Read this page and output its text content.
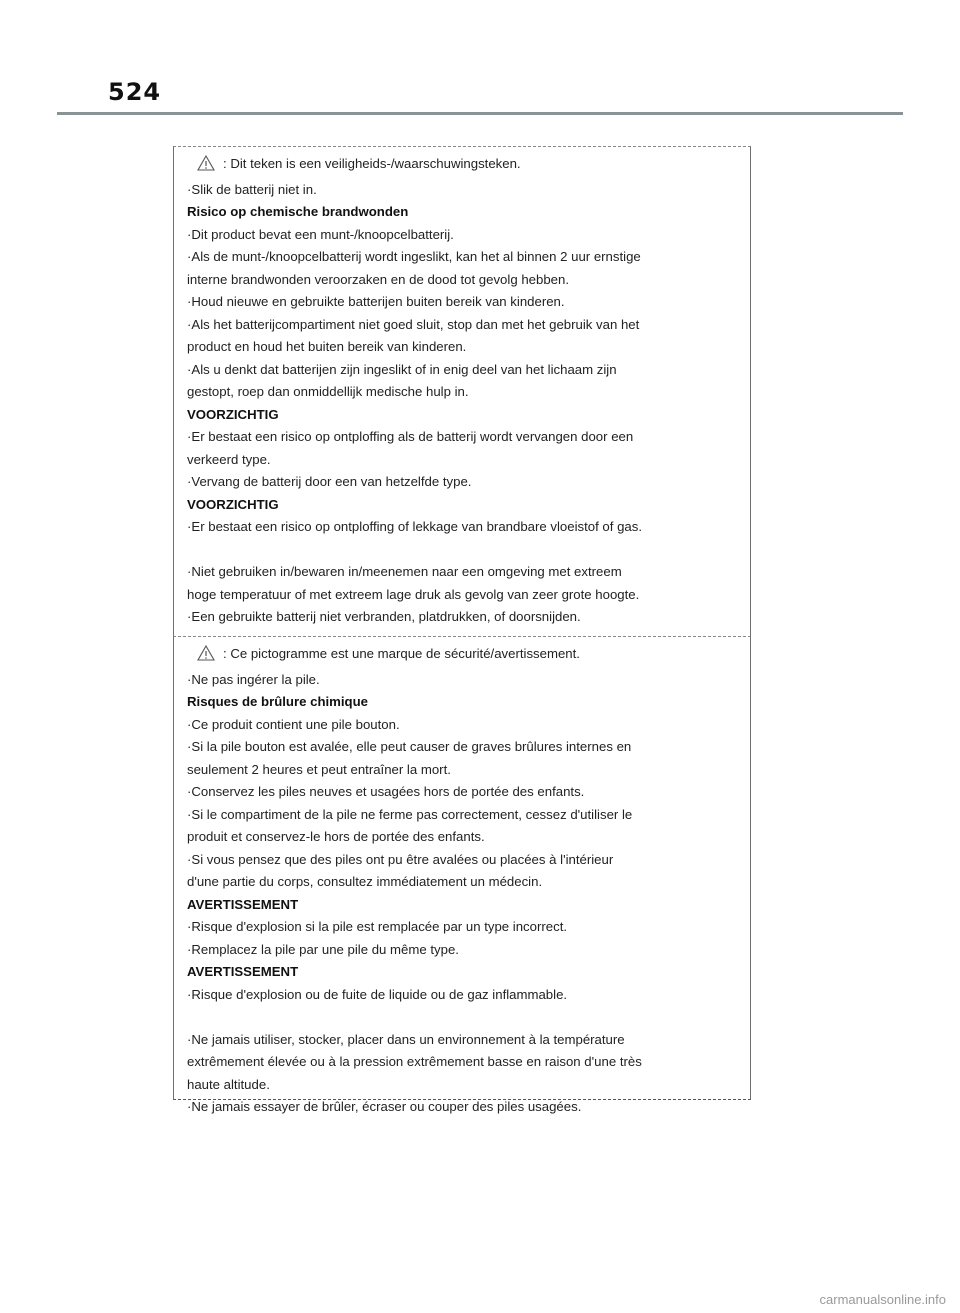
524
: Dit teken is een veiligheids-/waarschuwingsteken.
·Slik de batterij niet in.
Risico op chemische brandwonden
·Dit product bevat een munt-/knoopcelbatterij.
·Als de munt-/knoopcelbatterij wordt ingeslikt, kan het al binnen 2 uur ernstige
interne brandwonden veroorzaken en de dood tot gevolg hebben.
·Houd nieuwe en gebruikte batterijen buiten bereik van kinderen.
·Als het batterijcompartiment niet goed sluit, stop dan met het gebruik van het
product en houd het buiten bereik van kinderen.
·Als u denkt dat batterijen zijn ingeslikt of in enig deel van het lichaam zijn
gestopt, roep dan onmiddellijk medische hulp in.
VOORZICHTIG
·Er bestaat een risico op ontploffing als de batterij wordt vervangen door een
verkeerd type.
·Vervang de batterij door een van hetzelfde type.
VOORZICHTIG
·Er bestaat een risico op ontploffing of lekkage van brandbare vloeistof of gas.
·Niet gebruiken in/bewaren in/meenemen naar een omgeving met extreem
hoge temperatuur of met extreem lage druk als gevolg van zeer grote hoogte.
·Een gebruikte batterij niet verbranden, platdrukken, of doorsnijden.
: Ce pictogramme est une marque de sécurité/avertissement.
·Ne pas ingérer la pile.
Risques de brûlure chimique
·Ce produit contient une pile bouton.
·Si la pile bouton est avalée, elle peut causer de graves brûlures internes en
seulement 2 heures et peut entraîner la mort.
·Conservez les piles neuves et usagées hors de portée des enfants.
·Si le compartiment de la pile ne ferme pas correctement, cessez d'utiliser le
produit et conservez-le hors de portée des enfants.
·Si vous pensez que des piles ont pu être avalées ou placées à l'intérieur
d'une partie du corps, consultez immédiatement un médecin.
AVERTISSEMENT
·Risque d'explosion si la pile est remplacée par un type incorrect.
·Remplacez la pile par une pile du même type.
AVERTISSEMENT
·Risque d'explosion ou de fuite de liquide ou de gaz inflammable.
·Ne jamais utiliser, stocker, placer dans un environnement à la température
extrêmement élevée ou à la pression extrêmement basse en raison d'une très
haute altitude.
·Ne jamais essayer de brûler, écraser ou couper des piles usagées.
carmanualsonline.info
